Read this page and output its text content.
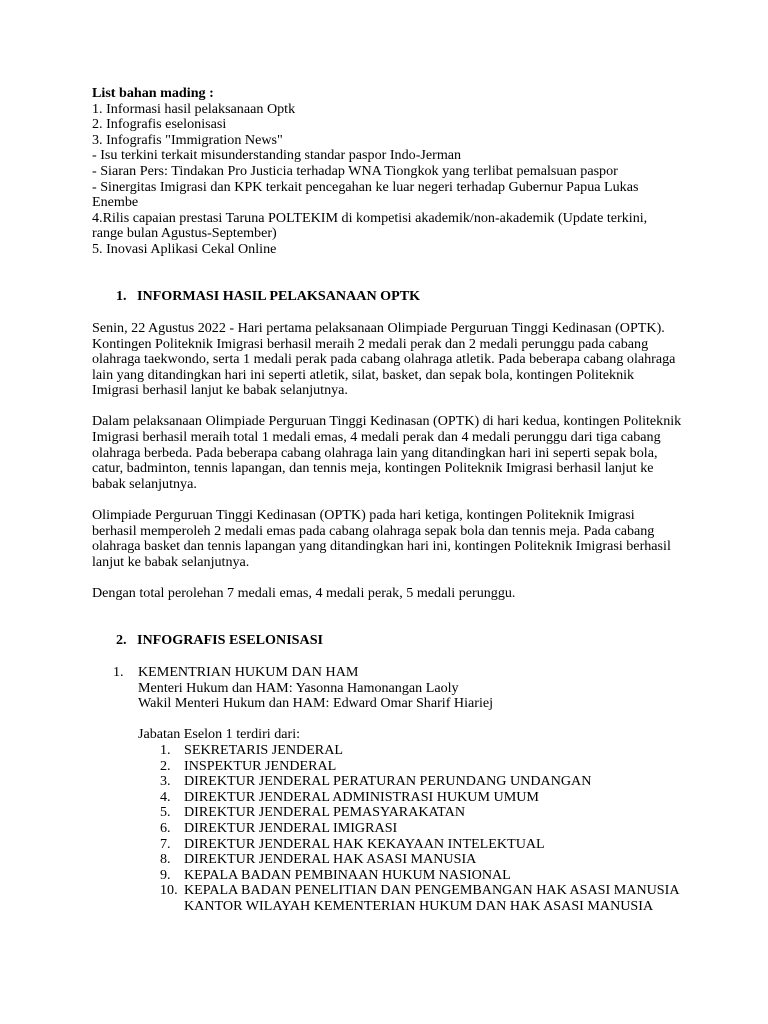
List bahan mading :

1. Informasi hasil pelaksanaan Optk

2. Infografis eselonisasi

3. Infografis "Immigration News"

- Isu terkini terkait misunderstanding standar paspor Indo-Jerman

- Siaran Pers: Tindakan Pro Justicia terhadap WNA Tiongkok yang terlibat pemalsuan paspor

- Sinergitas Imigrasi dan KPK terkait pencegahan ke luar negeri terhadap Gubernur Papua Lukas Enembe

4.Rilis capaian prestasi Taruna POLTEKIM di kompetisi akademik/non-akademik (Update terkini, range bulan Agustus-September)

5. Inovasi Aplikasi Cekal Online

1. INFORMASI HASIL PELAKSANAAN OPTK

Senin, 22 Agustus 2022 - Hari pertama pelaksanaan Olimpiade Perguruan Tinggi Kedinasan (OPTK). Kontingen Politeknik Imigrasi berhasil meraih 2 medali perak dan 2 medali perunggu pada cabang olahraga taekwondo, serta 1 medali perak pada cabang olahraga atletik. Pada beberapa cabang olahraga lain yang ditandingkan hari ini seperti atletik, silat, basket, dan sepak bola, kontingen Politeknik Imigrasi berhasil lanjut ke babak selanjutnya.

Dalam pelaksanaan Olimpiade Perguruan Tinggi Kedinasan (OPTK) di hari kedua, kontingen Politeknik Imigrasi berhasil meraih total 1 medali emas, 4 medali perak dan 4 medali perunggu dari tiga cabang olahraga berbeda. Pada beberapa cabang olahraga lain yang ditandingkan hari ini seperti sepak bola, catur, badminton, tennis lapangan, dan tennis meja, kontingen Politeknik Imigrasi berhasil lanjut ke babak selanjutnya.

Olimpiade Perguruan Tinggi Kedinasan (OPTK) pada hari ketiga, kontingen Politeknik Imigrasi berhasil memperoleh 2 medali emas pada cabang olahraga sepak bola dan tennis meja. Pada cabang olahraga basket dan tennis lapangan yang ditandingkan hari ini, kontingen Politeknik Imigrasi berhasil lanjut ke babak selanjutnya.

Dengan total perolehan 7 medali emas, 4 medali perak, 5 medali perunggu.

2. INFOGRAFIS ESELONISASI

1. KEMENTRIAN HUKUM DAN HAM

Menteri Hukum dan HAM: Yasonna Hamonangan Laoly

Wakil Menteri Hukum dan HAM: Edward Omar Sharif Hiariej

Jabatan Eselon 1 terdiri dari:

1. SEKRETARIS JENDERAL
2. INSPEKTUR JENDERAL
3. DIREKTUR JENDERAL PERATURAN PERUNDANG UNDANGAN
4. DIREKTUR JENDERAL ADMINISTRASI HUKUM UMUM
5. DIREKTUR JENDERAL PEMASYARAKATAN
6. DIREKTUR JENDERAL IMIGRASI
7. DIREKTUR JENDERAL HAK KEKAYAAN INTELEKTUAL
8. DIREKTUR JENDERAL HAK ASASI MANUSIA
9. KEPALA BADAN PEMBINAAN HUKUM NASIONAL
10. KEPALA BADAN PENELITIAN DAN PENGEMBANGAN HAK ASASI MANUSIA KANTOR WILAYAH KEMENTERIAN HUKUM DAN HAK ASASI MANUSIA
